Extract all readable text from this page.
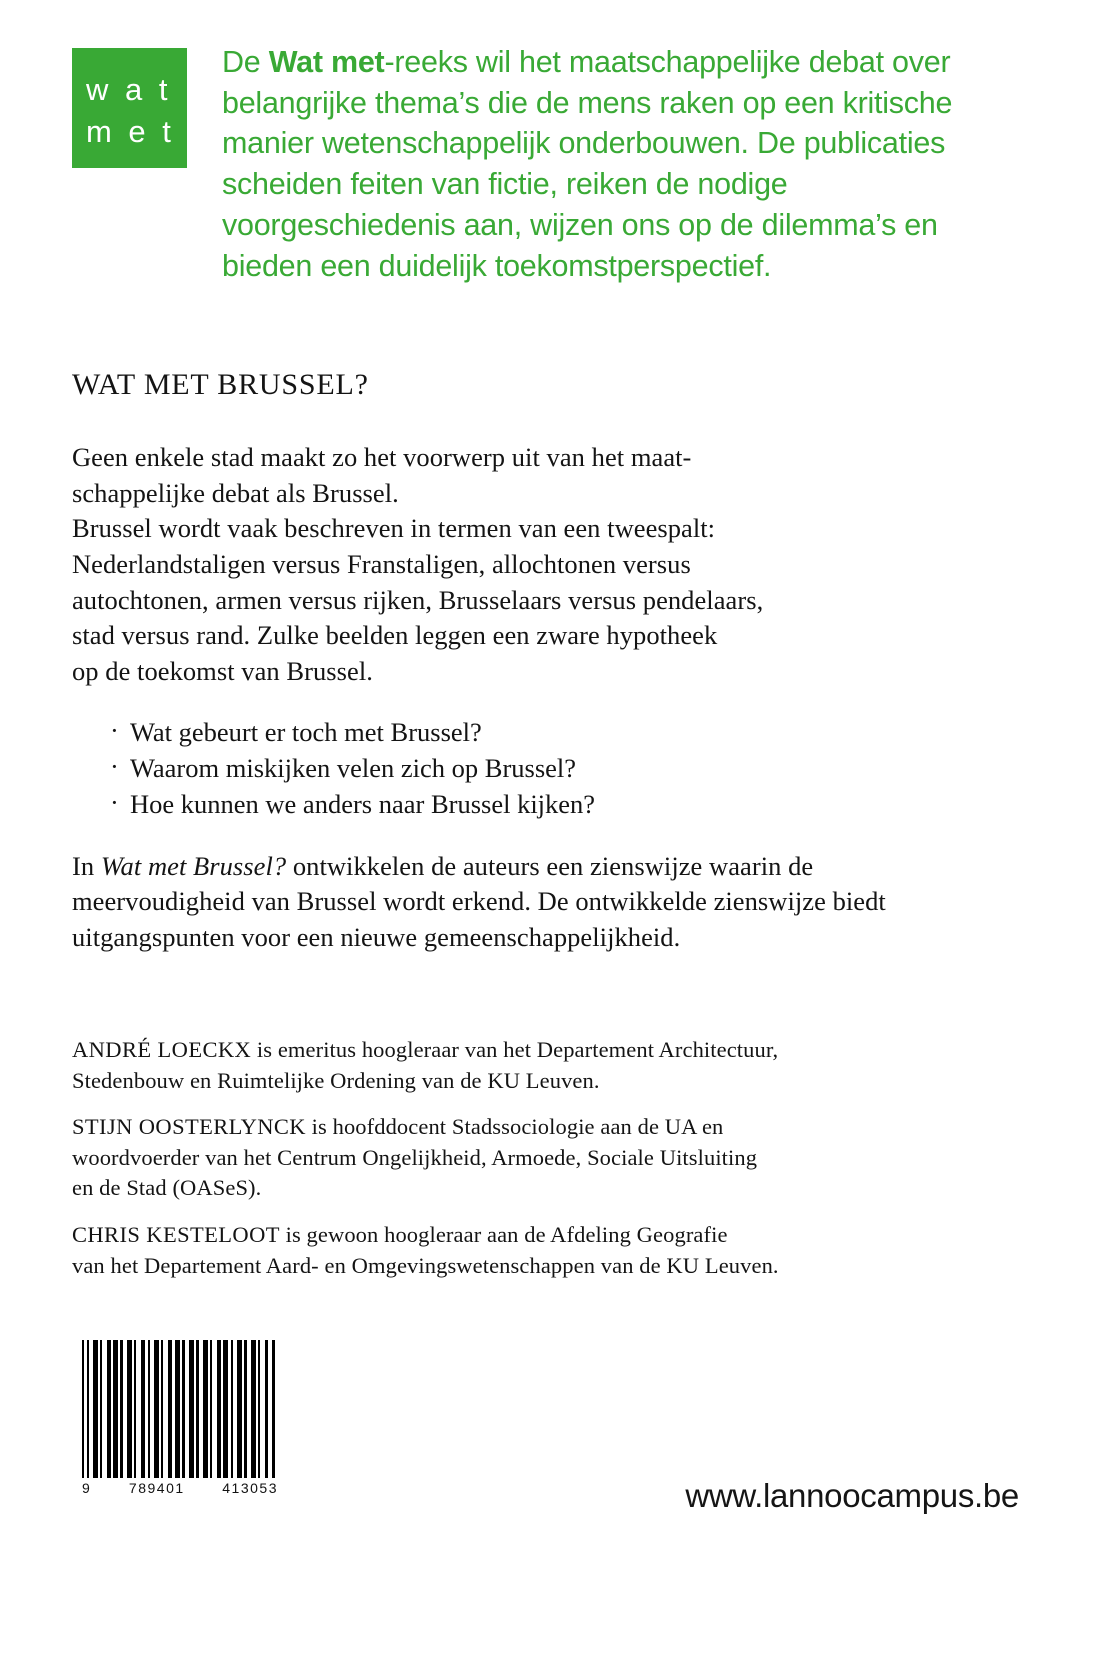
w a t
m e t
De Wat met-reeks wil het maatschappelijke debat over belangrijke thema’s die de mens raken op een kritische manier wetenschappelijk onderbouwen. De publicaties scheiden feiten van fictie, reiken de nodige voorgeschiedenis aan, wijzen ons op de dilemma’s en bieden een duidelijk toekomstperspectief.
WAT MET BRUSSEL?
Geen enkele stad maakt zo het voorwerp uit van het maat-
schappelijke debat als Brussel.
Brussel wordt vaak beschreven in termen van een tweespalt:
Nederlandstaligen versus Franstaligen, allochtonen versus
autochtonen, armen versus rijken, Brusselaars versus pendelaars,
stad versus rand. Zulke beelden leggen een zware hypotheek
op de toekomst van Brussel.
· Wat gebeurt er toch met Brussel?
· Waarom miskijken velen zich op Brussel?
· Hoe kunnen we anders naar Brussel kijken?
In Wat met Brussel? ontwikkelen de auteurs een zienswijze waarin de meervoudigheid van Brussel wordt erkend. De ontwikkelde zienswijze biedt uitgangspunten voor een nieuwe gemeenschappelijkheid.
ANDRÉ LOECKX is emeritus hoogleraar van het Departement Architectuur,
Stedenbouw en Ruimtelijke Ordening van de KU Leuven.
STIJN OOSTERLYNCK is hoofddocent Stadssociologie aan de UA en
woordvoerder van het Centrum Ongelijkheid, Armoede, Sociale Uitsluiting
en de Stad (OASeS).
CHRIS KESTELOOT is gewoon hoogleraar aan de Afdeling Geografie
van het Departement Aard- en Omgevingswetenschappen van de KU Leuven.
9	789401	413053	www.lannoocampus.be
